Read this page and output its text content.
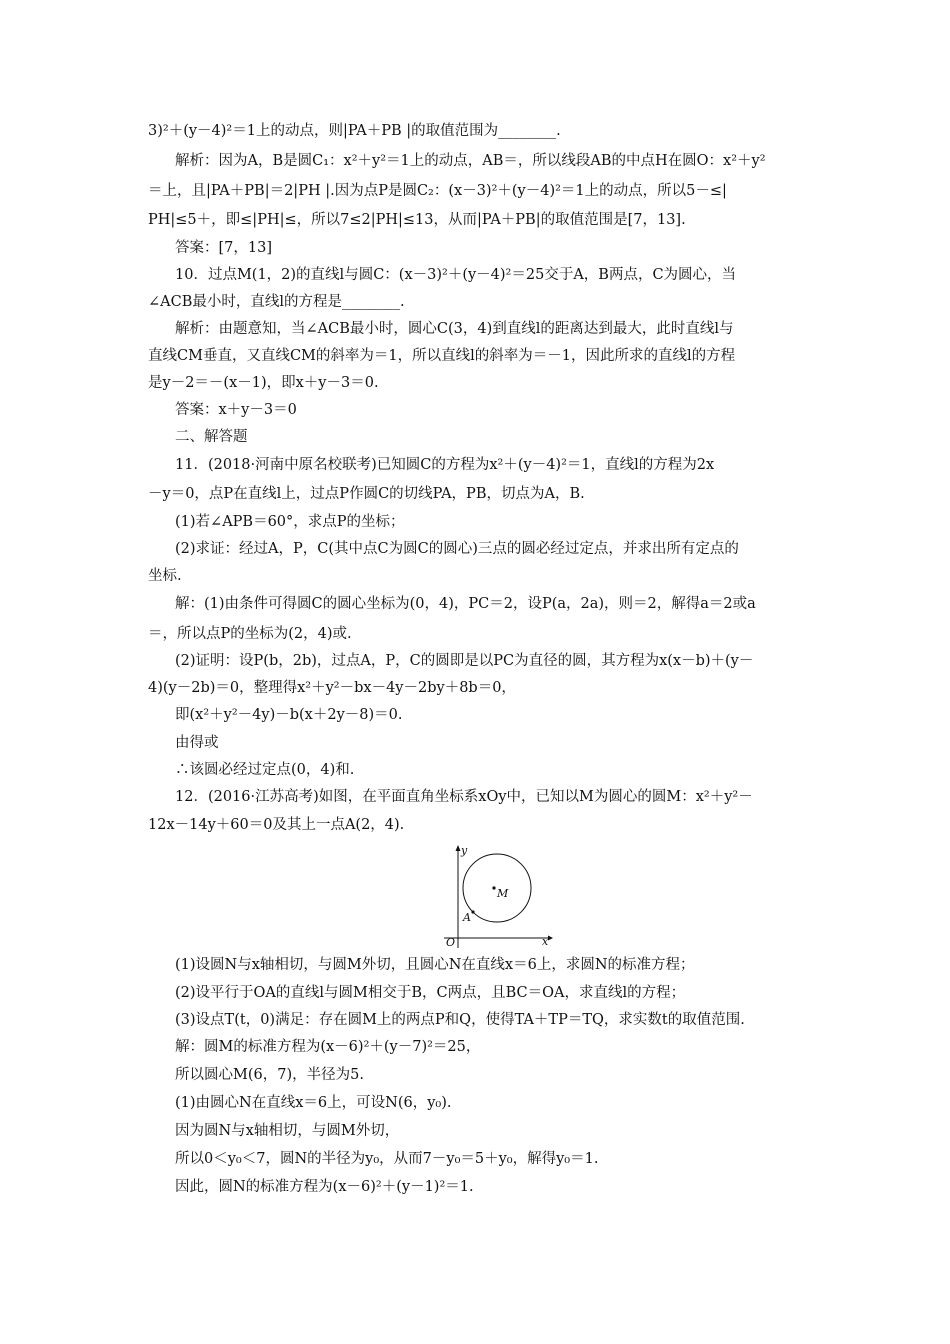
3)²＋(y－4)²＝1上的动点，则|PA＋PB |的取值范围为________.
解析：因为A，B是圆C₁：x²＋y²＝1上的动点，AB＝，所以线段AB的中点H在圆O：x²＋y²
＝上，且|PA＋PB|＝2|PH |.因为点P是圆C₂：(x－3)²＋(y－4)²＝1上的动点，所以5－≤|
PH|≤5＋，即≤|PH|≤，所以7≤2|PH|≤13，从而|PA＋PB|的取值范围是[7，13].
答案：[7，13]
10．过点M(1，2)的直线l与圆C：(x－3)²＋(y－4)²＝25交于A，B两点，C为圆心，当
∠ACB最小时，直线l的方程是________.
解析：由题意知，当∠ACB最小时，圆心C(3，4)到直线l的距离达到最大，此时直线l与
直线CM垂直，又直线CM的斜率为＝1，所以直线l的斜率为＝－1，因此所求的直线l的方程
是y－2＝－(x－1)，即x＋y－3＝0.
答案：x＋y－3＝0
二、解答题
11．(2018·河南中原名校联考)已知圆C的方程为x²＋(y－4)²＝1，直线l的方程为2x
－y＝0，点P在直线l上，过点P作圆C的切线PA，PB，切点为A，B.
(1)若∠APB＝60°，求点P的坐标；
(2)求证：经过A，P，C(其中点C为圆C的圆心)三点的圆必经过定点，并求出所有定点的
坐标.
解：(1)由条件可得圆C的圆心坐标为(0，4)，PC＝2，设P(a，2a)，则＝2，解得a＝2或a
＝，所以点P的坐标为(2，4)或.
(2)证明：设P(b，2b)，过点A，P，C的圆即是以PC为直径的圆，其方程为x(x－b)＋(y－
4)(y－2b)＝0，整理得x²＋y²－bx－4y－2by＋8b＝0，
即(x²＋y²－4y)－b(x＋2y－8)＝0.
由得或
∴该圆必经过定点(0，4)和.
12．(2016·江苏高考)如图，在平面直角坐标系xOy中，已知以M为圆心的圆M：x²＋y²－
12x－14y＋60＝0及其上一点A(2，4).
y
x
O
M
A
(1)设圆N与x轴相切，与圆M外切，且圆心N在直线x＝6上，求圆N的标准方程；
(2)设平行于OA的直线l与圆M相交于B，C两点，且BC＝OA，求直线l的方程；
(3)设点T(t，0)满足：存在圆M上的两点P和Q，使得TA＋TP＝TQ，求实数t的取值范围.
解：圆M的标准方程为(x－6)²＋(y－7)²＝25，
所以圆心M(6，7)，半径为5.
(1)由圆心N在直线x＝6上，可设N(6，y₀).
因为圆N与x轴相切，与圆M外切，
所以0＜y₀＜7，圆N的半径为y₀，从而7－y₀＝5＋y₀，解得y₀＝1.
因此，圆N的标准方程为(x－6)²＋(y－1)²＝1.
